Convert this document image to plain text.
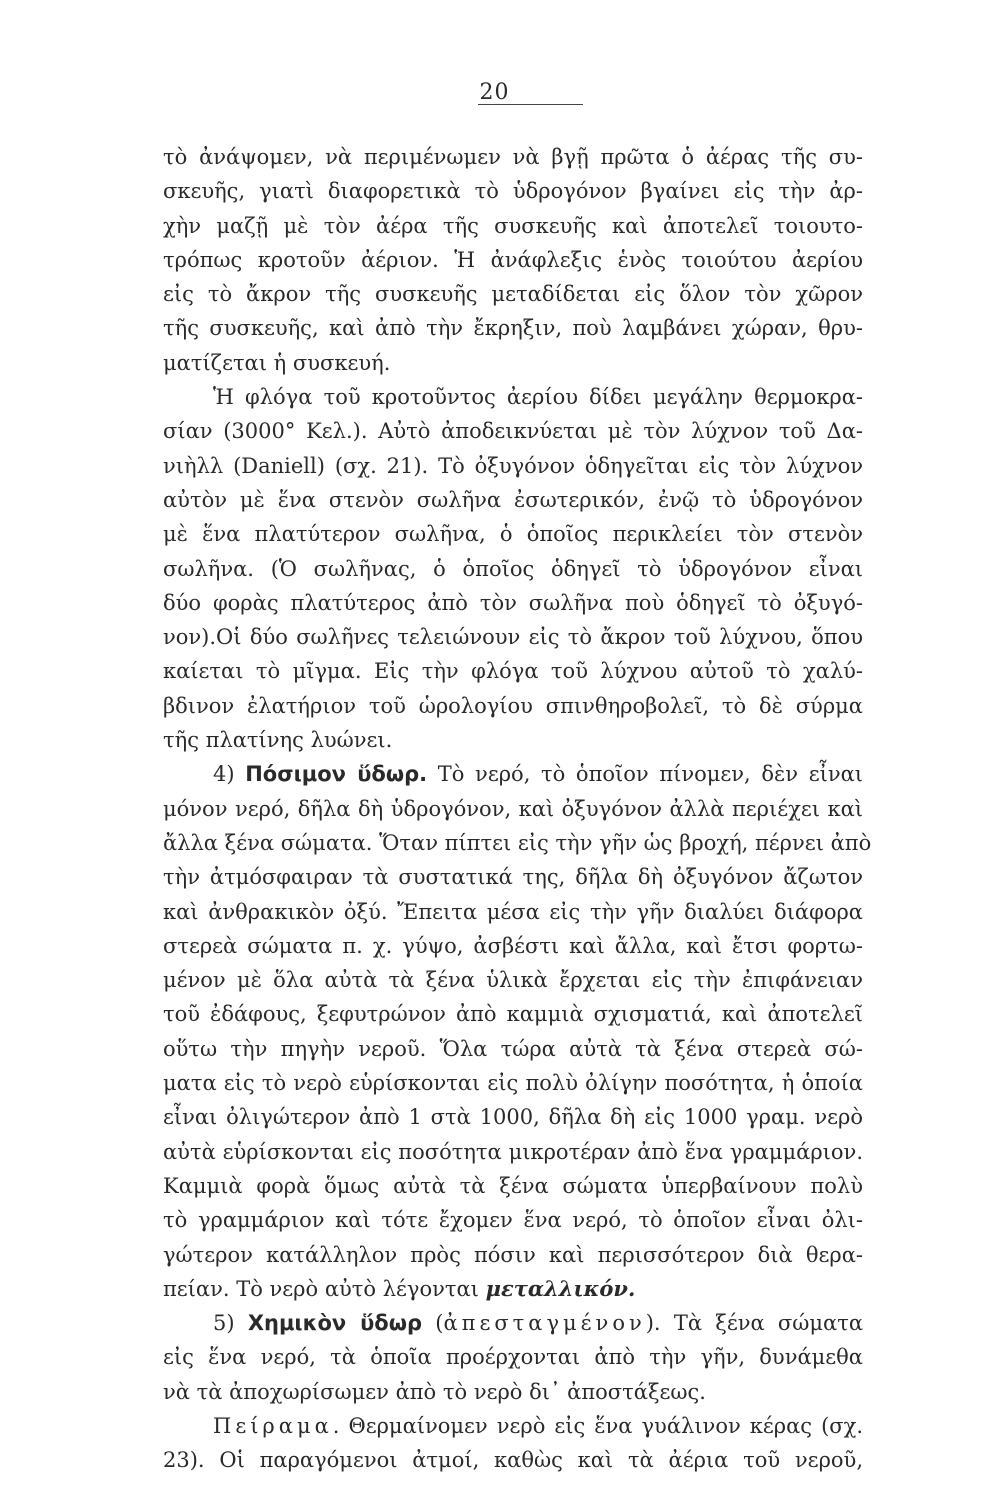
20
τὸ ἀνάψομεν, νὰ περιμένωμεν νὰ βγῇ πρῶτα ὁ ἀέρας τῆς συ-
σκευῆς, γιατὶ διαφορετικὰ τὸ ὑδρογόνον βγαίνει εἰς τὴν ἀρ-
χὴν μαζῇ μὲ τὸν ἀέρα τῆς συσκευῆς καὶ ἀποτελεῖ τοιουτο-
τρόπως κροτοῦν ἀέριον. Ἡ ἀνάφλεξις ἑνὸς τοιούτου ἀερίου
εἰς τὸ ἄκρον τῆς συσκευῆς μεταδίδεται εἰς ὅλον τὸν χῶρον
τῆς συσκευῆς, καὶ ἀπὸ τὴν ἔκρηξιν, ποὺ λαμβάνει χώραν, θρυ-
ματίζεται ἡ συσκευή.
Ἡ φλόγα τοῦ κροτοῦντος ἀερίου δίδει μεγάλην θερμοκρα-
σίαν (3000° Κελ.). Αὐτὸ ἀποδεικνύεται μὲ τὸν λύχνον τοῦ Δα-
νιὴλλ (Daniell) (σχ. 21). Τὸ ὀξυγόνον ὁδηγεῖται εἰς τὸν λύχνον
αὐτὸν μὲ ἕνα στενὸν σωλῆνα ἐσωτερικόν, ἐνῷ τὸ ὑδρογόνον
μὲ ἕνα πλατύτερον σωλῆνα, ὁ ὁποῖος περικλείει τὸν στενὸν
σωλῆνα. (Ὁ σωλῆνας, ὁ ὁποῖος ὁδηγεῖ τὸ ὑδρογόνον εἶναι
δύο φορὰς πλατύτερος ἀπὸ τὸν σωλῆνα ποὺ ὁδηγεῖ τὸ ὀξυγό-
νον).Οἱ δύο σωλῆνες τελειώνουν εἰς τὸ ἄκρον τοῦ λύχνου, ὅπου
καίεται τὸ μῖγμα. Εἰς τὴν φλόγα τοῦ λύχνου αὐτοῦ τὸ χαλύ-
βδινον ἐλατήριον τοῦ ὡρολογίου σπινθηροβολεῖ, τὸ δὲ σύρμα
τῆς πλατίνης λυώνει.
4) Πόσιμον ὕδωρ. Τὸ νερό, τὸ ὁποῖον πίνομεν, δὲν εἶναι
μόνον νερό, δῆλα δὴ ὑδρογόνον, καὶ ὀξυγόνον ἀλλὰ περιέχει καὶ
ἄλλα ξένα σώματα. Ὅταν πίπτει εἰς τὴν γῆν ὡς βροχή, πέρνει ἀπὸ
τὴν ἀτμόσφαιραν τὰ συστατικά της, δῆλα δὴ ὀξυγόνον ἄζωτον
καὶ ἀνθρακικὸν ὀξύ. Ἔπειτα μέσα εἰς τὴν γῆν διαλύει διάφορα
στερεὰ σώματα π. χ. γύψο, ἀσβέστι καὶ ἄλλα, καὶ ἔτσι φορτω-
μένον μὲ ὅλα αὐτὰ τὰ ξένα ὑλικὰ ἔρχεται εἰς τὴν ἐπιφάνειαν
τοῦ ἐδάφους, ξεφυτρώνον ἀπὸ καμμιὰ σχισματιά, καὶ ἀποτελεῖ
οὕτω τὴν πηγὴν νεροῦ. Ὅλα τώρα αὐτὰ τὰ ξένα στερεὰ σώ-
ματα εἰς τὸ νερὸ εὑρίσκονται εἰς πολὺ ὀλίγην ποσότητα, ἡ ὁποία
εἶναι ὀλιγώτερον ἀπὸ 1 στὰ 1000, δῆλα δὴ εἰς 1000 γραμ. νερὸ
αὐτὰ εὑρίσκονται εἰς ποσότητα μικροτέραν ἀπὸ ἕνα γραμμάριον.
Καμμιὰ φορὰ ὅμως αὐτὰ τὰ ξένα σώματα ὑπερβαίνουν πολὺ
τὸ γραμμάριον καὶ τότε ἔχομεν ἕνα νερό, τὸ ὁποῖον εἶναι ὀλι-
γώτερον κατάλληλον πρὸς πόσιν καὶ περισσότερον διὰ θερα-
πείαν. Τὸ νερὸ αὐτὸ λέγονται μεταλλικόν.
5) Χημικὸν ὕδωρ (ἀπεσταγμένον). Τὰ ξένα σώματα
εἰς ἕνα νερό, τὰ ὁποῖα προέρχονται ἀπὸ τὴν γῆν, δυνάμεθα
νὰ τὰ ἀποχωρίσωμεν ἀπὸ τὸ νερὸ δι᾽ ἀποστάξεως.
Πείραμα. Θερμαίνομεν νερὸ εἰς ἕνα γυάλινον κέρας (σχ.
23). Οἱ παραγόμενοι ἀτμοί, καθὼς καὶ τὰ ἀέρια τοῦ νεροῦ,
